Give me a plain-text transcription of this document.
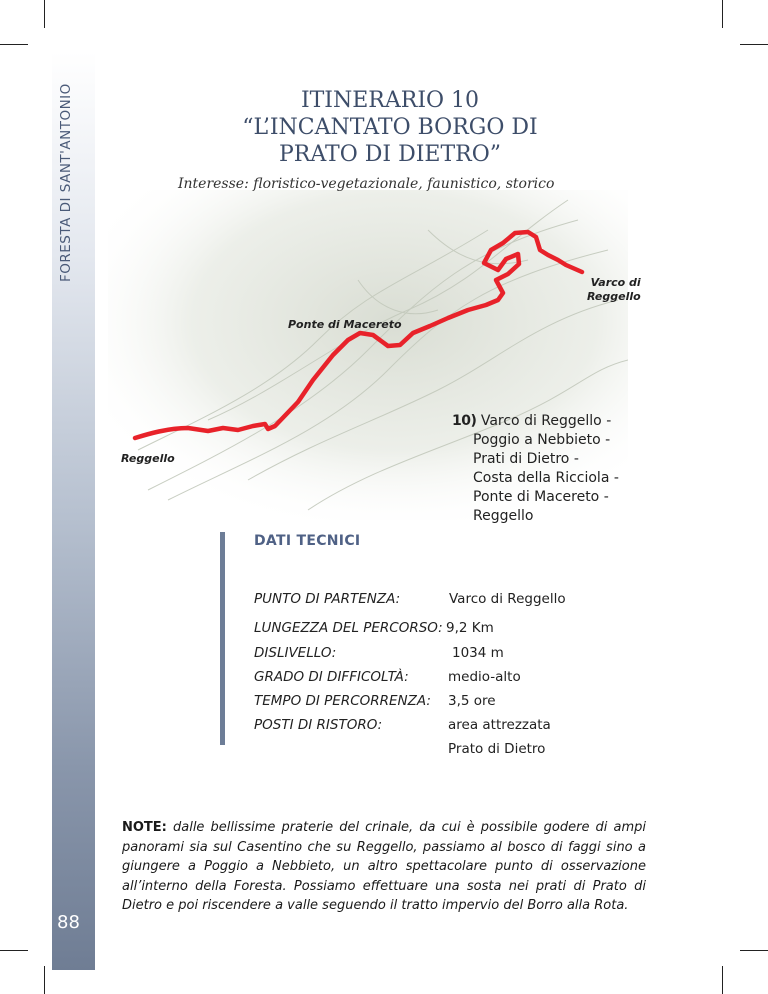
FORESTA DI SANT'ANTONIO
88
ITINERARIO 10
“L’INCANTATO BORGO DI
PRATO DI DIETRO”
Varco di
Reggello
Ponte di Macereto
Reggello
Interesse: floristico-vegetazionale, faunistico, storico
10) Varco di Reggello -
Poggio a Nebbieto -
Prati di Dietro -
Costa della Ricciola -
Ponte di Macereto -
Reggello
DATI TECNICI
PUNTO DI PARTENZA:	Varco di Reggello
LUNGEZZA DEL PERCORSO: 9,2 Km
DISLIVELLO:	1034 m
GRADO DI DIFFICOLTÀ:	medio-alto
TEMPO DI PERCORRENZA: 3,5 ore
POSTI DI RISTORO:	area attrezzata
Prato di Dietro
NOTE: dalle bellissime praterie del crinale, da cui è possibile godere di ampi panorami sia sul Casentino che su Reggello, passiamo al bosco di faggi sino a giungere a Poggio a Nebbieto, un altro spettacolare punto di osservazione all’interno della Foresta. Possiamo effettuare una sosta nei prati di Prato di Dietro e poi riscendere a valle seguendo il tratto impervio del Borro alla Rota.
